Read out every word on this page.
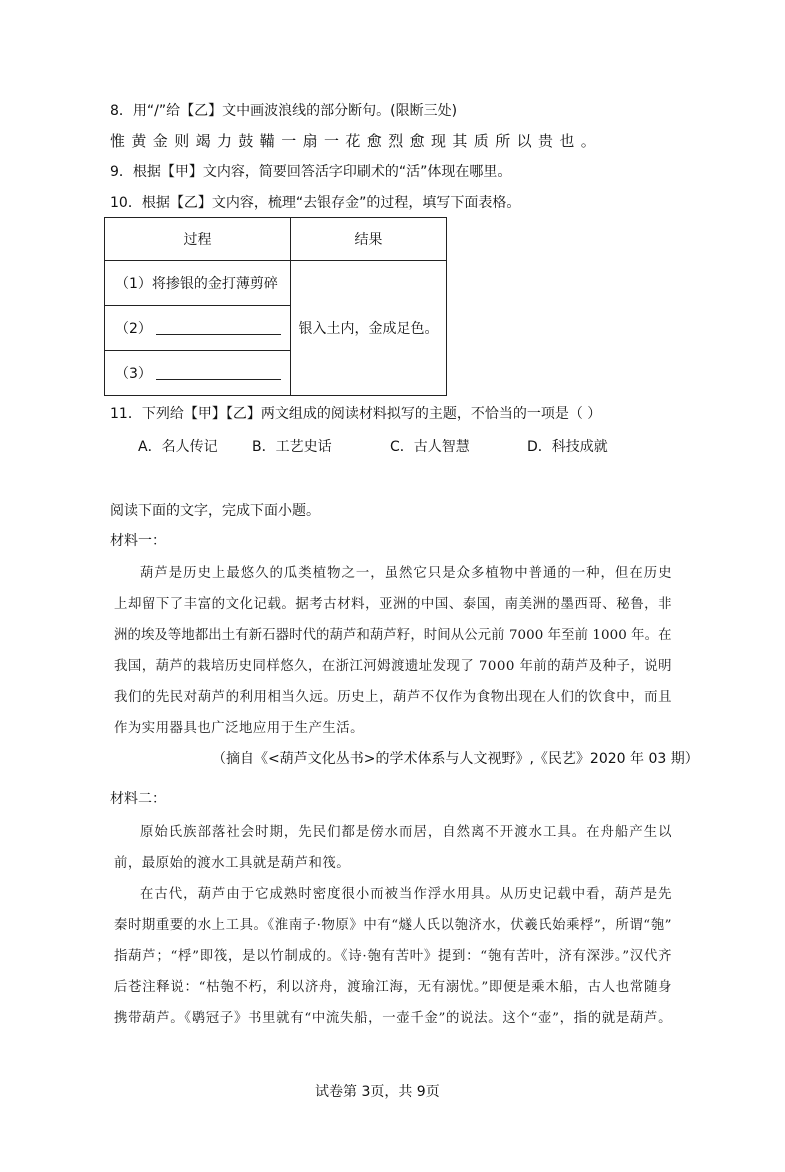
8．用“/”给【乙】文中画波浪线的部分断句。(限断三处)
惟黄金则竭力鼓鞴一扇一花愈烈愈现其质所以贵也。
9．根据【甲】文内容，简要回答活字印刷术的“活”体现在哪里。
10．根据【乙】文内容，梳理“去银存金”的过程，填写下面表格。
过程	结果
（1）将掺银的金打薄剪碎	银入土内，金成足色。
（2）	
（3）	
11．下列给【甲】【乙】两文组成的阅读材料拟写的主题，不恰当的一项是（ ）
A．名人传记 B．工艺史话	C．古人智慧	D．科技成就
阅读下面的文字，完成下面小题。
材料一：
葫芦是历史上最悠久的瓜类植物之一，虽然它只是众多植物中普通的一种，但在历史
上却留下了丰富的文化记载。据考古材料，亚洲的中国、泰国，南美洲的墨西哥、秘鲁，非
洲的埃及等地都出土有新石器时代的葫芦和葫芦籽，时间从公元前 7000 年至前 1000 年。在
我国，葫芦的栽培历史同样悠久，在浙江河姆渡遗址发现了 7000 年前的葫芦及种子，说明
我们的先民对葫芦的利用相当久远。历史上，葫芦不仅作为食物出现在人们的饮食中，而且
作为实用器具也广泛地应用于生产生活。
（摘自《<葫芦文化丛书>的学术体系与人文视野》,《民艺》2020 年 03 期）
材料二：
原始氏族部落社会时期，先民们都是傍水而居，自然离不开渡水工具。在舟船产生以
前，最原始的渡水工具就是葫芦和筏。
在古代，葫芦由于它成熟时密度很小而被当作浮水用具。从历史记载中看，葫芦是先
秦时期重要的水上工具。《淮南子·物原》中有“燧人氏以匏济水，伏羲氏始乘桴”，所谓“匏”
指葫芦；“桴”即筏，是以竹制成的。《诗·匏有苦叶》提到：“匏有苦叶，济有深涉。”汉代齐
后苍注释说：“枯匏不朽，利以济舟，渡瑜江海，无有溺忧。”即便是乘木船，古人也常随身
携带葫芦。《鹖冠子》书里就有“中流失船，一壶千金”的说法。这个“壶”，指的就是葫芦。
试卷第 3页，共 9页
